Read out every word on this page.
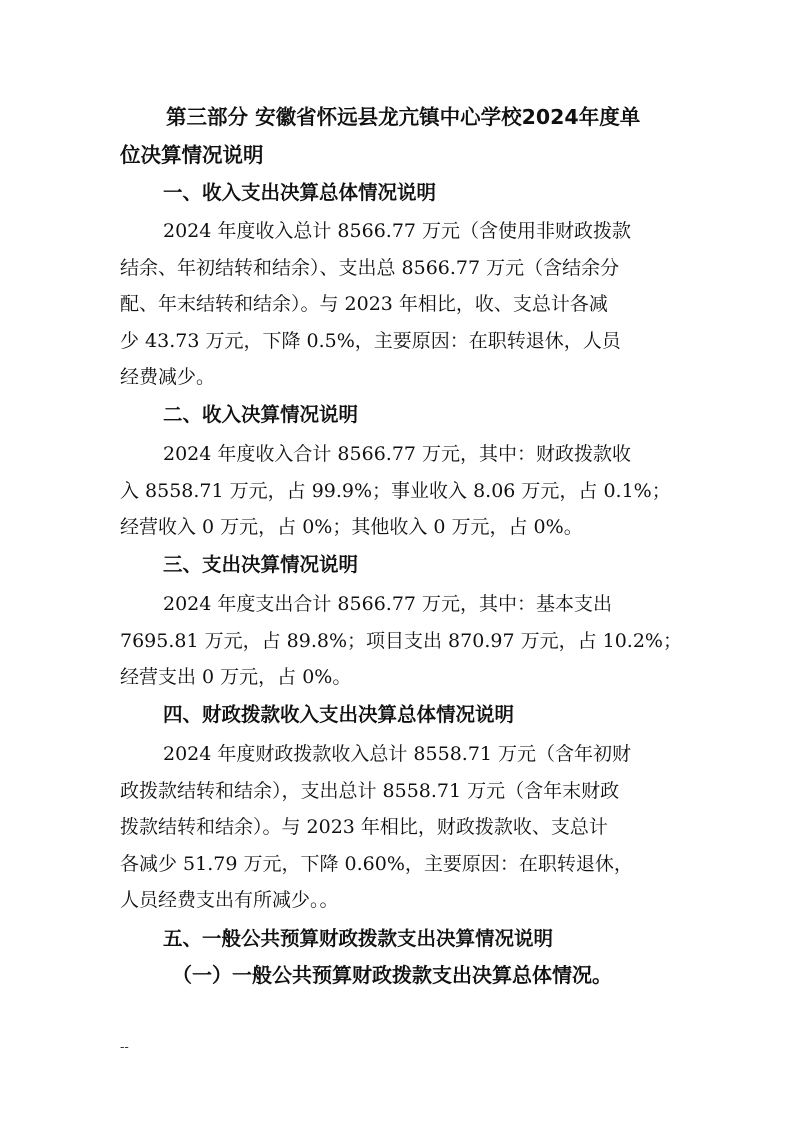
第三部分 安徽省怀远县龙亢镇中心学校2024年度单
位决算情况说明
一、收入支出决算总体情况说明
2024 年度收入总计 8566.77 万元（含使用非财政拨款
结余、年初结转和结余）、支出总 8566.77 万元（含结余分
配、年末结转和结余）。与 2023 年相比，收、支总计各减
少 43.73 万元，下降 0.5%，主要原因：在职转退休，人员
经费减少。
二、收入决算情况说明
2024 年度收入合计 8566.77 万元，其中：财政拨款收
入 8558.71 万元，占 99.9%；事业收入 8.06 万元，占 0.1%；
经营收入 0 万元，占 0%；其他收入 0 万元，占 0%。
三、支出决算情况说明
2024 年度支出合计 8566.77 万元，其中：基本支出
7695.81 万元，占 89.8%；项目支出 870.97 万元，占 10.2%；
经营支出 0 万元，占 0%。
四、财政拨款收入支出决算总体情况说明
2024 年度财政拨款收入总计 8558.71 万元（含年初财
政拨款结转和结余），支出总计 8558.71 万元（含年末财政
拨款结转和结余）。与 2023 年相比，财政拨款收、支总计
各减少 51.79 万元，下降 0.60%，主要原因：在职转退休，
人员经费支出有所减少。。
五、一般公共预算财政拨款支出决算情况说明
（一）一般公共预算财政拨款支出决算总体情况。
--
